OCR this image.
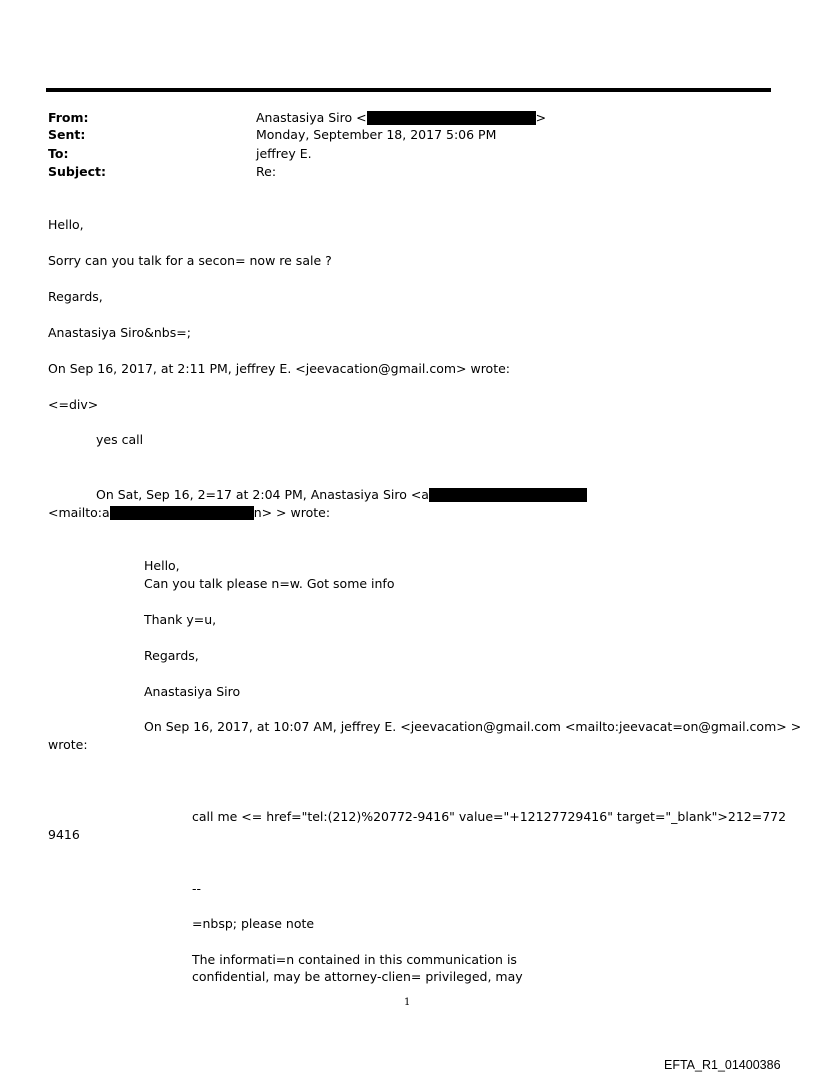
From:	Anastasiya Siro <	>
Sent:	Monday, September 18, 2017 5:06 PM
To:	jeffrey E.
Subject:	Re:
Hello,
Sorry can you talk for a secon= now re sale ?
Regards,
Anastasiya Siro&nbs=;
On Sep 16, 2017, at 2:11 PM, jeffrey E. <jeevacation@gmail.com> wrote:
<=div>
yes call
On Sat, Sep 16, 2=17 at 2:04 PM, Anastasiya Siro <a
<mailto:a	n> > wrote:
Hello,
Can you talk please n=w. Got some info
Thank y=u,
Regards,
Anastasiya Siro
On Sep 16, 2017, at 10:07 AM, jeffrey E. <jeevacation@gmail.com <mailto:jeevacat=on@gmail.com> >
wrote:
call me <= href="tel:(212)%20772-9416" value="+12127729416" target="_blank">212=772
9416
--
=nbsp; please note
The informati=n contained in this communication is
confidential, may be attorney-clien= privileged, may
1
EFTA_R1_01400386
